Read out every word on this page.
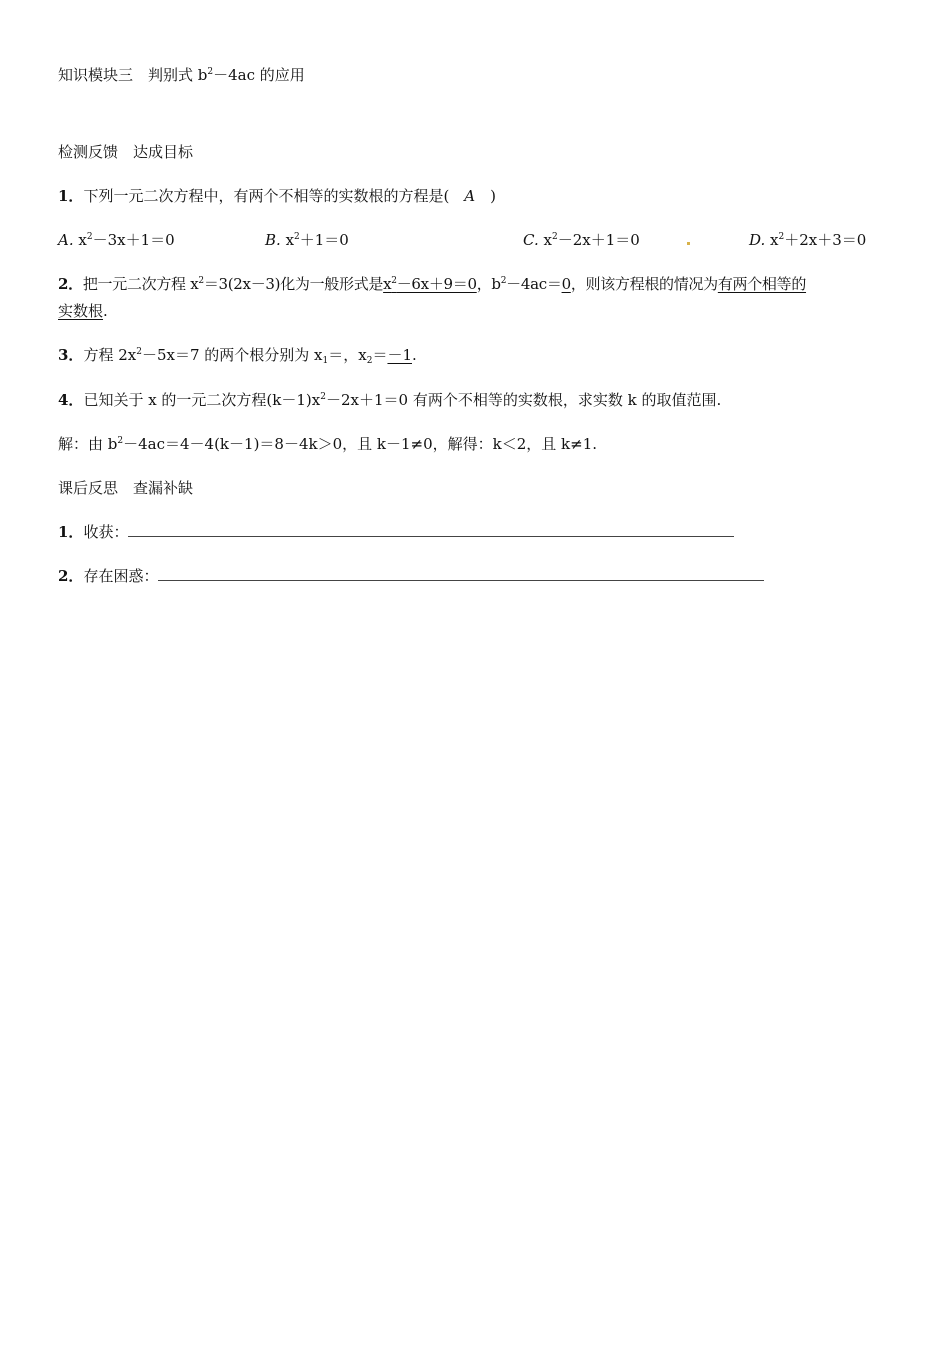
知识模块三　判别式 $b^2-4ac$ 的应用
检测反馈　达成目标
1．下列一元二次方程中，有两个不相等的实数根的方程是(　A　)
A. $x^2-3x+1=0$	B. $x^2+1=0$	C. $x^2-2x+1=0$	D. $x^2+2x+3=0$
2．把一元二次方程 $x^2=3(2x-3)$化为一般形式是$x^2-6x+9=0$，$b^2-4ac=0$，则该方程根的情况为有两个相等的
实数根.
3．方程 $2x^2-5x=7$ 的两个根分别为 $x_1=$，$x_2=-1$.
4．已知关于 x 的一元二次方程$(k-1)x^2-2x+1=0$ 有两个不相等的实数根，求实数 k 的取值范围.
解：由 $b^2-4ac=4-4(k-1)=8-4k>0$，且 k－1≠0，解得：k＜2，且 k≠1.
课后反思　查漏补缺
1．收获：
2．存在困惑：
